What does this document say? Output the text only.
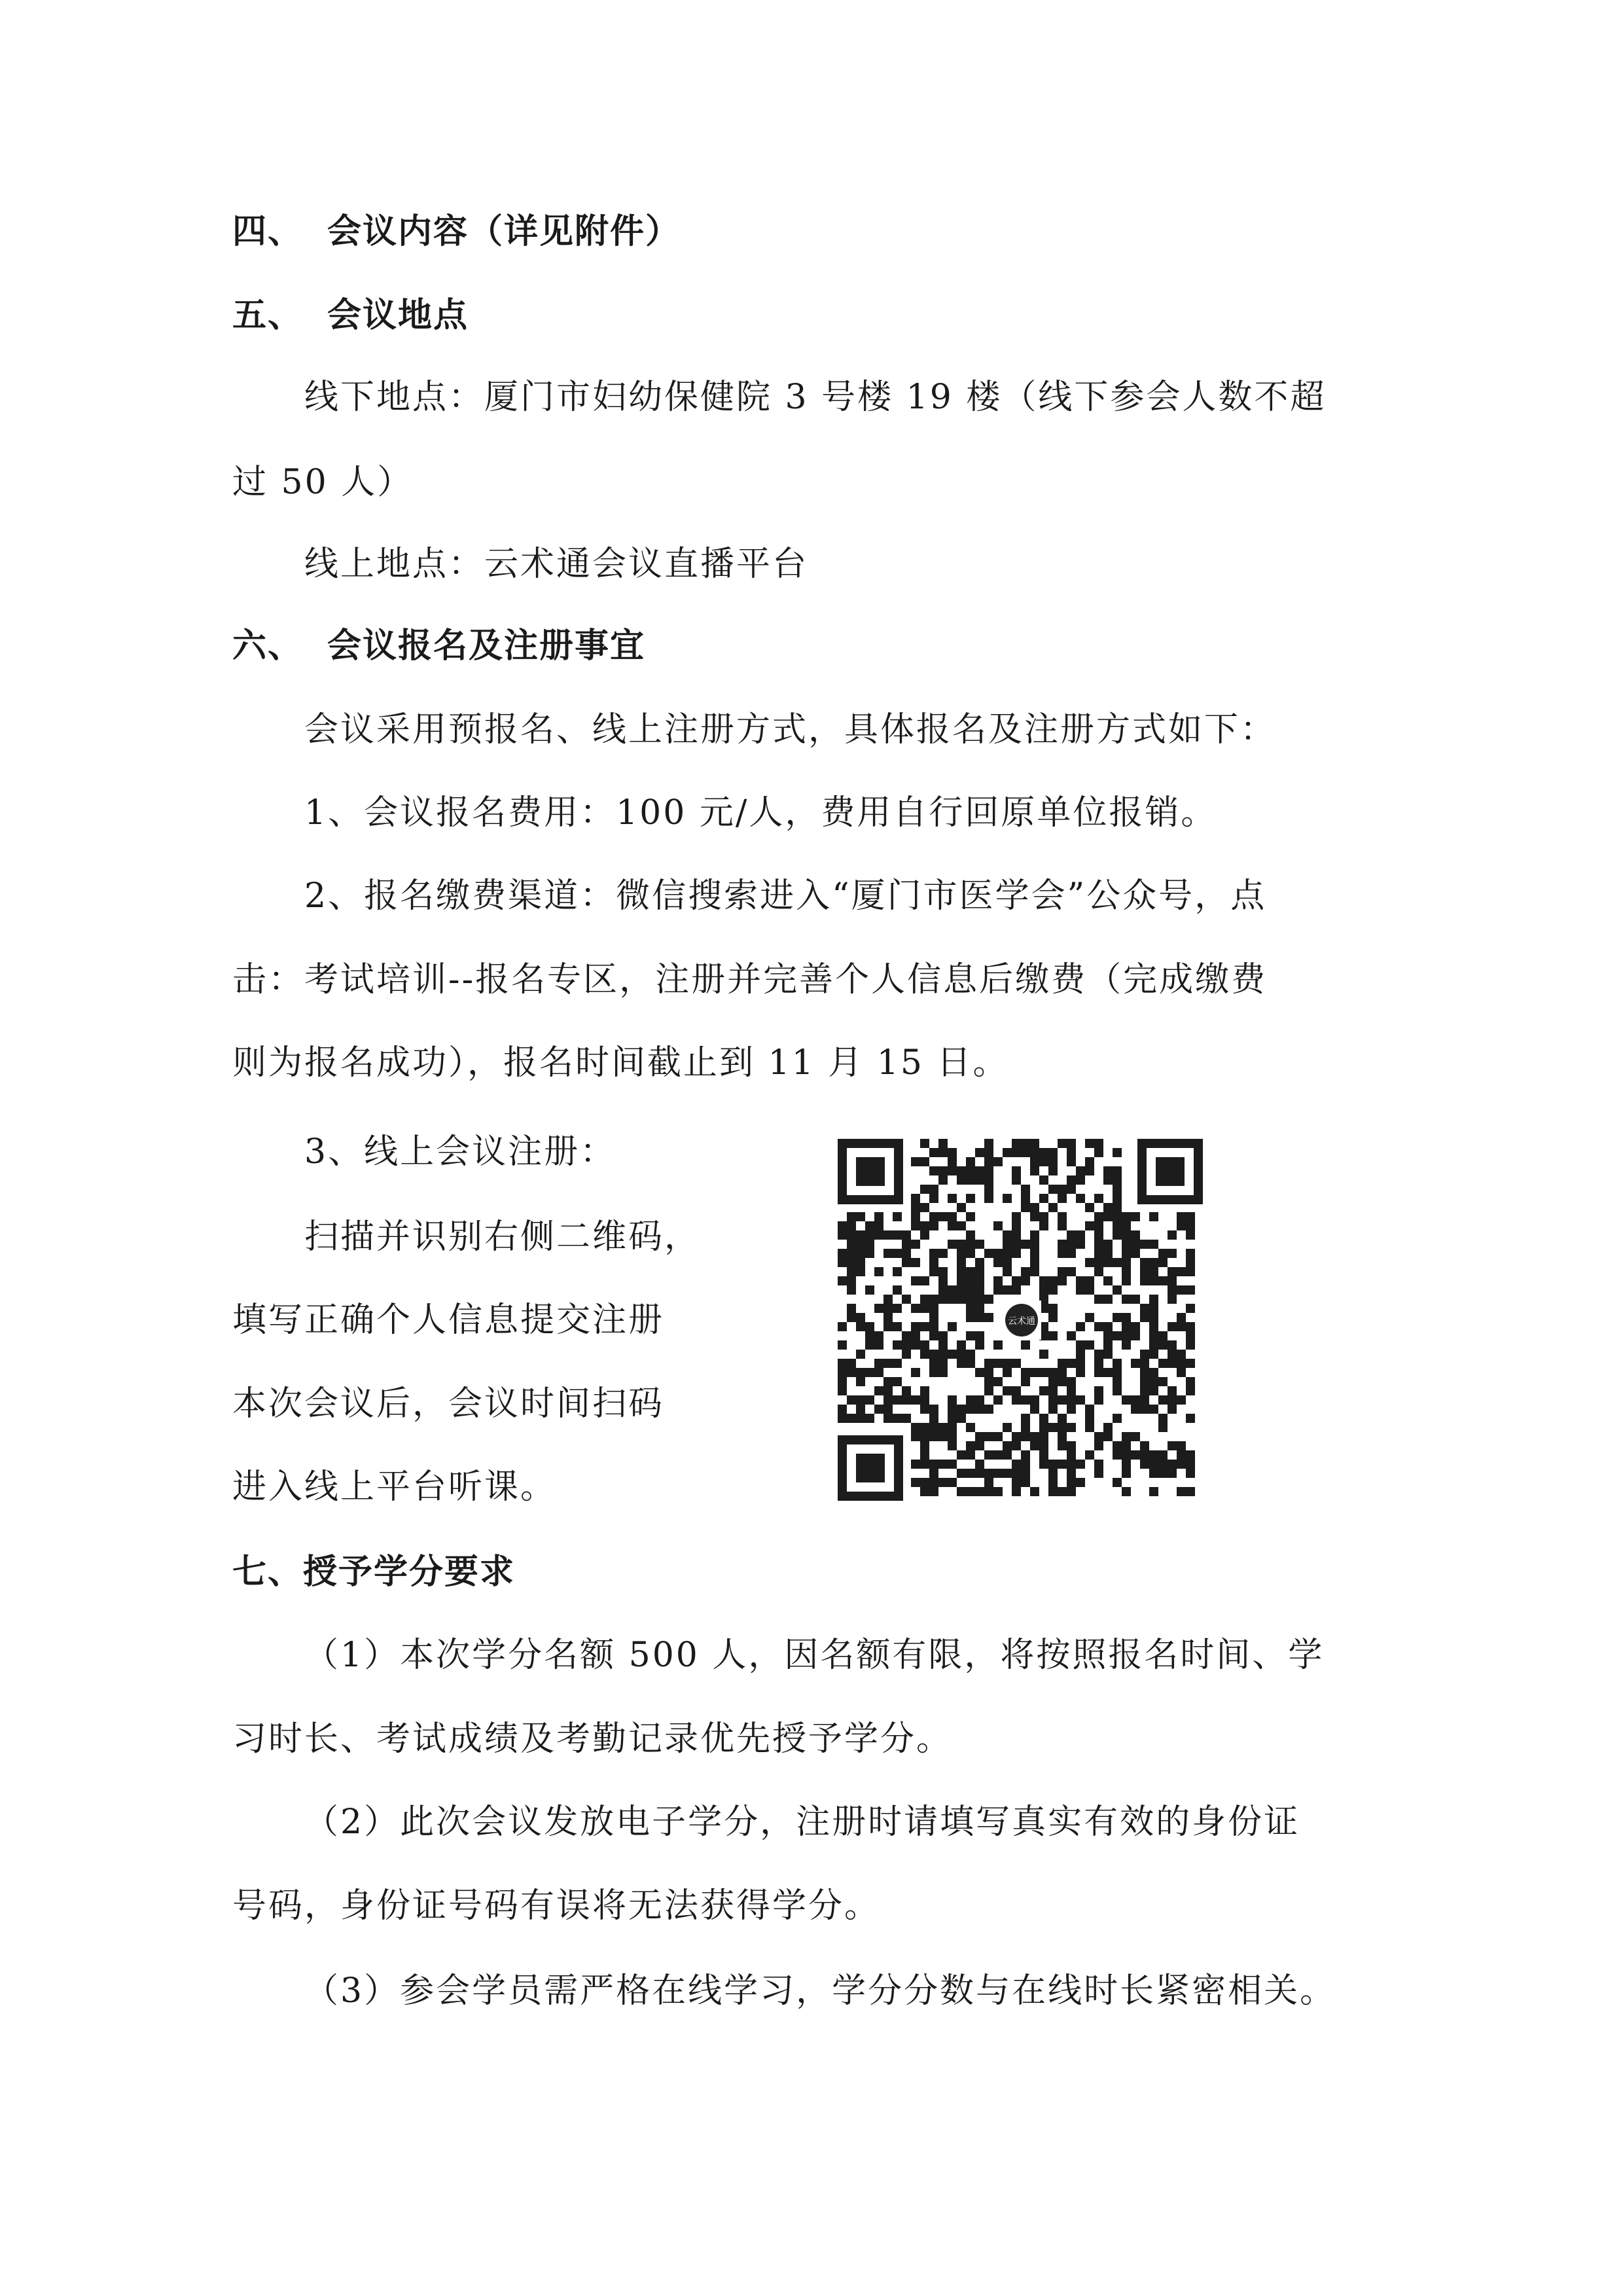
四、 会议内容（详见附件）
五、 会议地点
线下地点：厦门市妇幼保健院 3 号楼 19 楼（线下参会人数不超
过 50 人）
线上地点：云术通会议直播平台
六、 会议报名及注册事宜
会议采用预报名、线上注册方式，具体报名及注册方式如下：
1、会议报名费用：100 元/人，费用自行回原单位报销。
2、报名缴费渠道：微信搜索进入“厦门市医学会”公众号，点
击：考试培训--报名专区，注册并完善个人信息后缴费（完成缴费
则为报名成功），报名时间截止到 11 月 15 日。
3、线上会议注册：
扫描并识别右侧二维码，
填写正确个人信息提交注册
本次会议后，会议时间扫码
进入线上平台听课。
云术通
七、授予学分要求
（1）本次学分名额 500 人，因名额有限，将按照报名时间、学
习时长、考试成绩及考勤记录优先授予学分。
（2）此次会议发放电子学分，注册时请填写真实有效的身份证
号码，身份证号码有误将无法获得学分。
（3）参会学员需严格在线学习，学分分数与在线时长紧密相关。
